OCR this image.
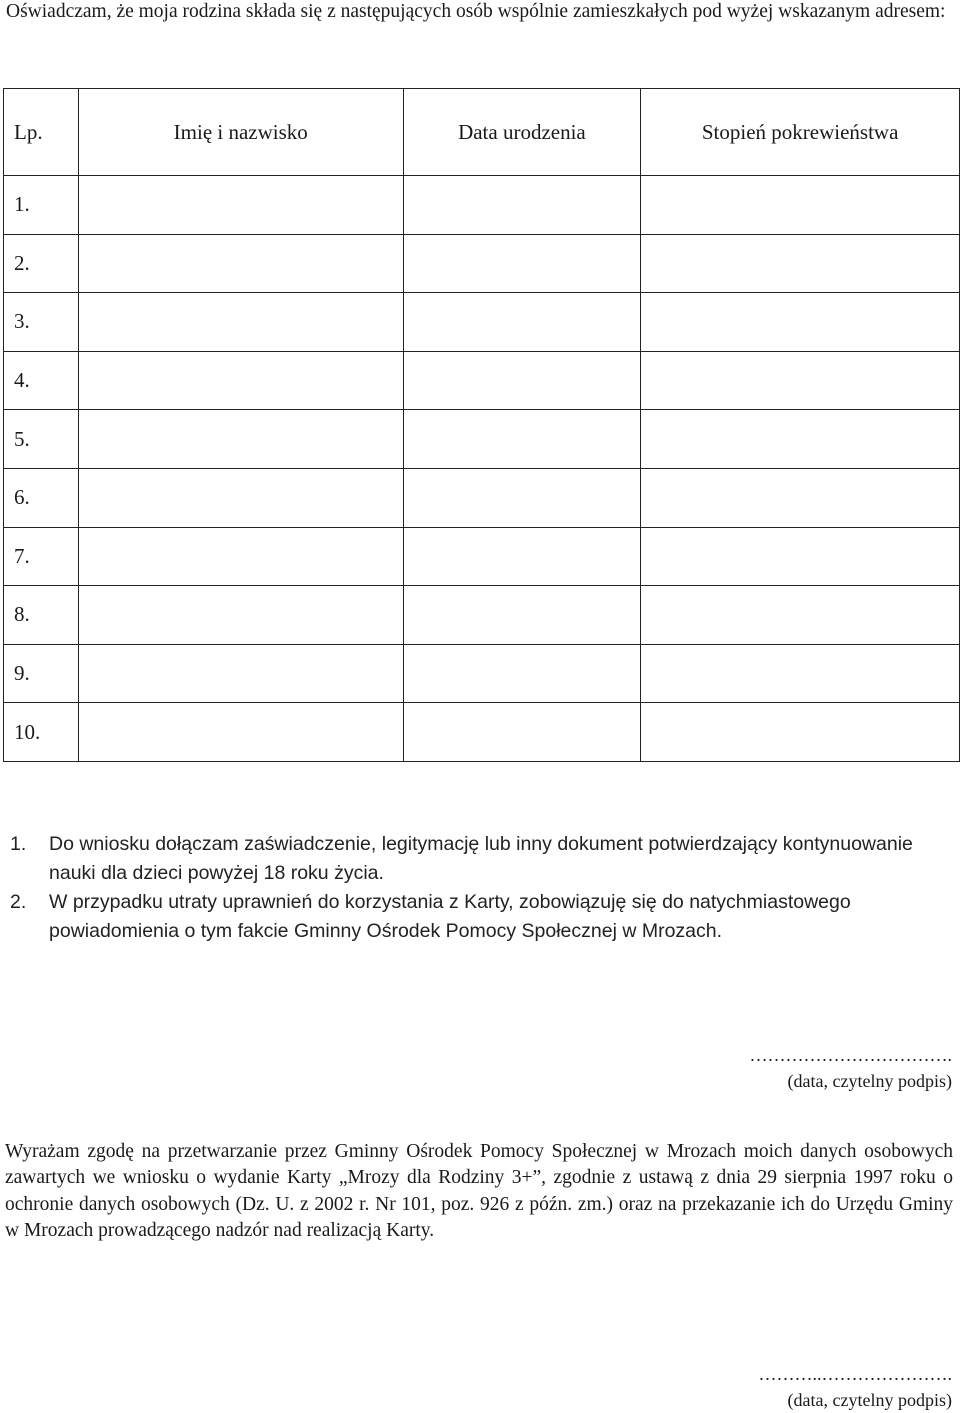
Oświadczam, że moja rodzina składa się z następujących osób wspólnie zamieszkałych pod wyżej wskazanym adresem:
Lp.	Imię i nazwisko	Data urodzenia	Stopień pokrewieństwa
1.			
2.			
3.			
4.			
5.			
6.			
7.			
8.			
9.			
10.			
1. Do wniosku dołączam zaświadczenie, legitymację lub inny dokument potwierdzający kontynuowanie nauki dla dzieci powyżej 18 roku życia.
2. W przypadku utraty uprawnień do korzystania z Karty, zobowiązuję się do natychmiastowego powiadomienia o tym fakcie Gminny Ośrodek Pomocy Społecznej w Mrozach.
…………………………….
(data, czytelny podpis)

Wyrażam zgodę na przetwarzanie przez Gminny Ośrodek Pomocy Społecznej w Mrozach moich danych osobowych zawartych we wniosku o wydanie Karty „Mrozy dla Rodziny 3+”, zgodnie z ustawą z dnia 29 sierpnia 1997 roku o ochronie danych osobowych (Dz. U. z 2002 r. Nr 101, poz. 926 z późn. zm.) oraz na przekazanie ich do Urzędu Gminy w Mrozach prowadzącego nadzór nad realizacją Karty.

………..………………….
(data, czytelny podpis)
